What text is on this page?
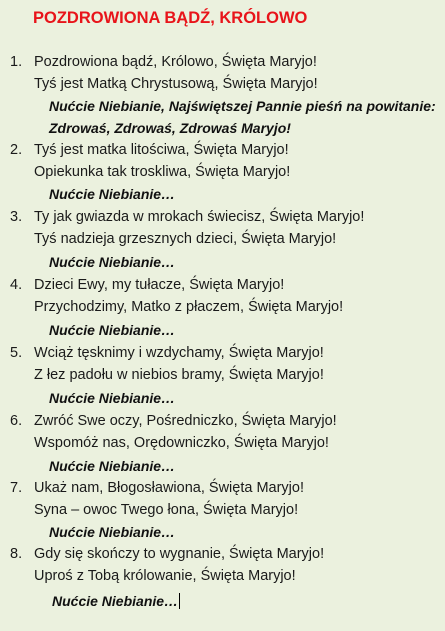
POZDROWIONA BĄDŹ, KRÓLOWO
1. Pozdrowiona bądź, Królowo, Święta Maryjo!
Tyś jest Matką Chrystusową, Święta Maryjo!
Nućcie Niebianie, Najświętszej Pannie pieśń na powitanie:
Zdrowaś, Zdrowaś, Zdrowaś Maryjo!
2. Tyś jest matka litościwa, Święta Maryjo!
Opiekunka tak troskliwa, Święta Maryjo!
Nućcie Niebianie…
3. Ty jak gwiazda w mrokach świecisz, Święta Maryjo!
Tyś nadzieja grzesznych dzieci, Święta Maryjo!
Nućcie Niebianie…
4. Dzieci Ewy, my tułacze, Święta Maryjo!
Przychodzimy, Matko z płaczem, Święta Maryjo!
Nućcie Niebianie…
5. Wciąż tęsknimy i wzdychamy, Święta Maryjo!
Z łez padołu w niebios bramy, Święta Maryjo!
Nućcie Niebianie…
6. Zwróć Swe oczy, Pośredniczko, Święta Maryjo!
Wspomóż nas, Orędowniczko, Święta Maryjo!
Nućcie Niebianie…
7. Ukaż nam, Błogosławiona, Święta Maryjo!
Syna – owoc Twego łona, Święta Maryjo!
Nućcie Niebianie…
8. Gdy się skończy to wygnanie, Święta Maryjo!
Uproś z Tobą królowanie, Święta Maryjo!
Nućcie Niebianie…
